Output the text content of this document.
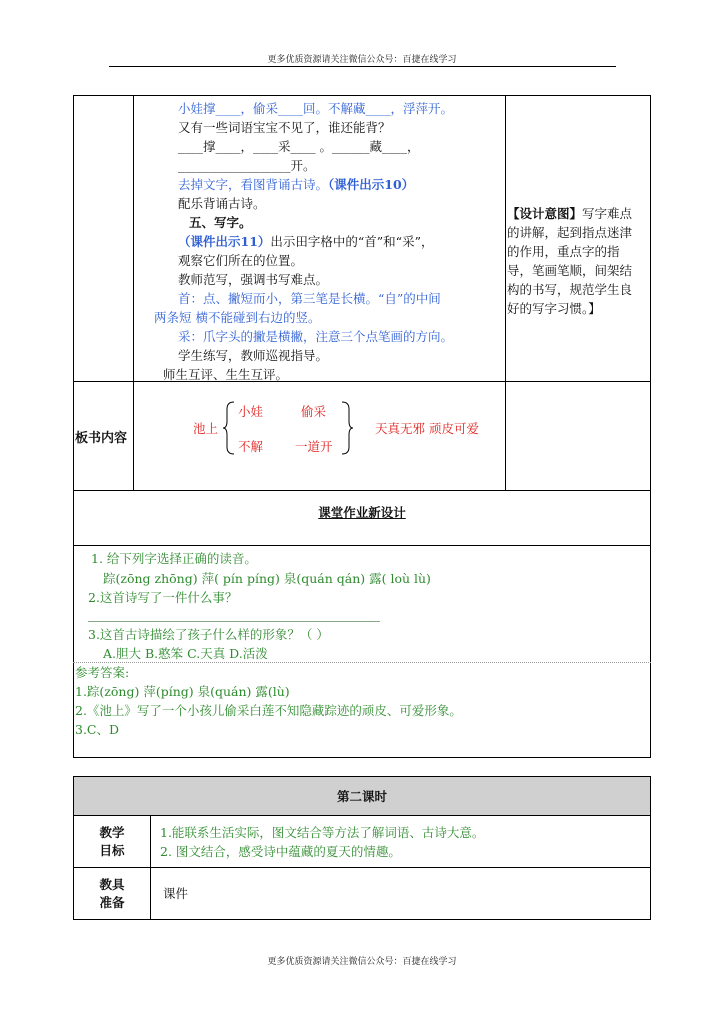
更多优质资源请关注微信公众号：百捷在线学习
更多优质资源请关注微信公众号：百捷在线学习
小娃撑____，偷采____回。不解藏____，浮萍开。
又有一些词语宝宝不见了，谁还能背？
____撑____，____采____ 。______藏____，
__________________开。
去掉文字，看图背诵古诗。（课件出示10）
配乐背诵古诗。
五、写字。
（课件出示11）出示田字格中的“首”和“采”，
观察它们所在的位置。
教师范写，强调书写难点。
首：点、撇短而小，第三笔是长横。“自”的中间
两条短 横不能碰到右边的竖。
采：爪字头的撇是横撇，注意三个点笔画的方向。
学生练写，教师巡视指导。
师生互评、生生互评。
【设计意图】写字难点
的讲解，起到指点迷津
的作用，重点字的指
导，笔画笔顺，间架结
构的书写，规范学生良
好的写字习惯。】
板书内容
池上
小娃	偷采
不解	一道开
天真无邪 顽皮可爱
课堂作业新设计
1. 给下列字选择正确的读音。
踪(zōng zhōng) 萍( pín píng) 泉(quán qán) 露( loù lù)
2.这首诗写了一件什么事？
3.这首古诗描绘了孩子什么样的形象？（ ）
A.胆大 B.憨笨 C.天真 D.活泼
参考答案:
1.踪(zōng) 萍(píng) 泉(quán) 露(lù)
2.《池上》写了一个小孩儿偷采白莲不知隐藏踪迹的顽皮、可爱形象。
3.C、D
第二课时
教学
目标
1.能联系生活实际，图文结合等方法了解词语、古诗大意。
2. 图文结合，感受诗中蕴藏的夏天的情趣。
教具
准备
课件
